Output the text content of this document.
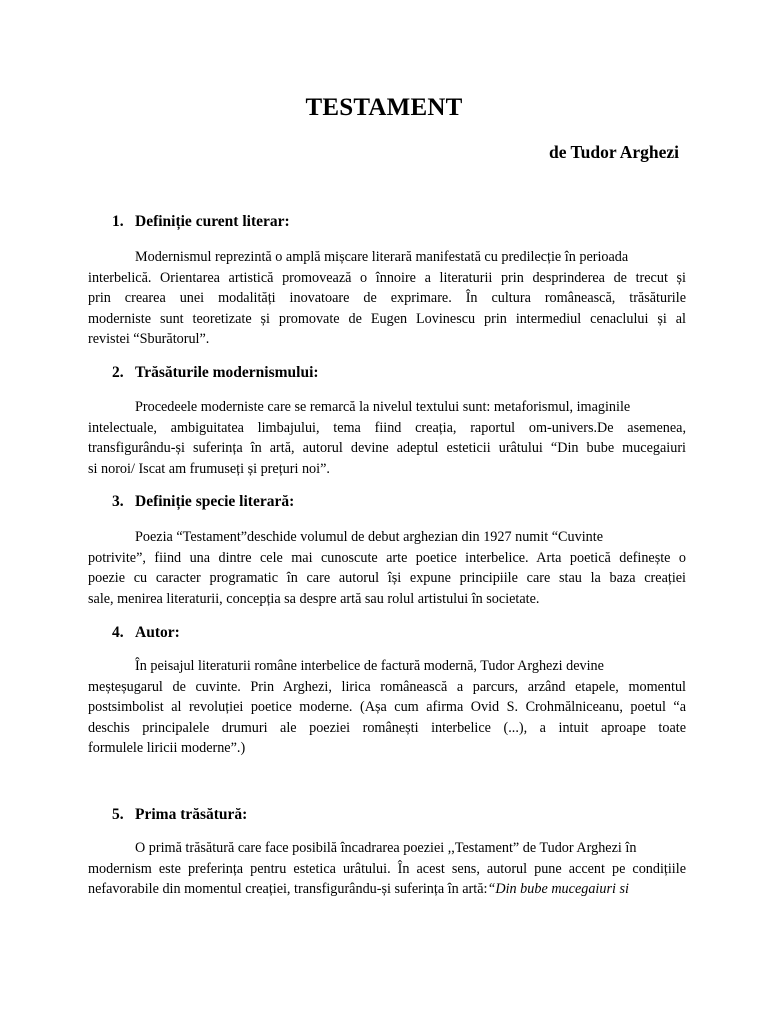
TESTAMENT
de Tudor Arghezi
1. Definiție curent literar:
Modernismul reprezintă o amplă mișcare literară manifestată cu predilecție în perioada
interbelică. Orientarea artistică promovează o înnoire a literaturii prin desprinderea de trecut și
prin crearea unei modalități inovatoare de exprimare. În cultura românească, trăsăturile
moderniste sunt teoretizate și promovate de Eugen Lovinescu prin intermediul cenaclului și al
revistei “Sburătorul”.
2. Trăsăturile modernismului:
Procedeele moderniste care se remarcă la nivelul textului sunt: metaforismul, imaginile
intelectuale, ambiguitatea limbajului, tema fiind creația, raportul om-univers.De asemenea,
transfigurându-și suferința în artă, autorul devine adeptul esteticii urâtului “Din bube mucegaiuri
si noroi/ Iscat am frumuseți și prețuri noi”.
3. Definiție specie literară:
Poezia “Testament”deschide volumul de debut arghezian din 1927 numit “Cuvinte
potrivite”, fiind una dintre cele mai cunoscute arte poetice interbelice. Arta poetică definește o
poezie cu caracter programatic în care autorul își expune principiile care stau la baza creației
sale, menirea literaturii, concepția sa despre artă sau rolul artistului în societate.
4. Autor:
În peisajul literaturii române interbelice de factură modernă, Tudor Arghezi devine
meșteșugarul de cuvinte. Prin Arghezi, lirica românească a parcurs, arzând etapele, momentul
postsimbolist al revoluției poetice moderne. (Așa cum afirma Ovid S. Crohmălniceanu, poetul “a
deschis principalele drumuri ale poeziei românești interbelice (...), a intuit aproape toate
formulele liricii moderne”.)
5. Prima trăsătură:
O primă trăsătură care face posibilă încadrarea poeziei ,,Testament” de Tudor Arghezi în
modernism este preferința pentru estetica urâtului. În acest sens, autorul pune accent pe condițiile
nefavorabile din momentul creației, transfigurându-și suferința în artă:“Din bube mucegaiuri si
